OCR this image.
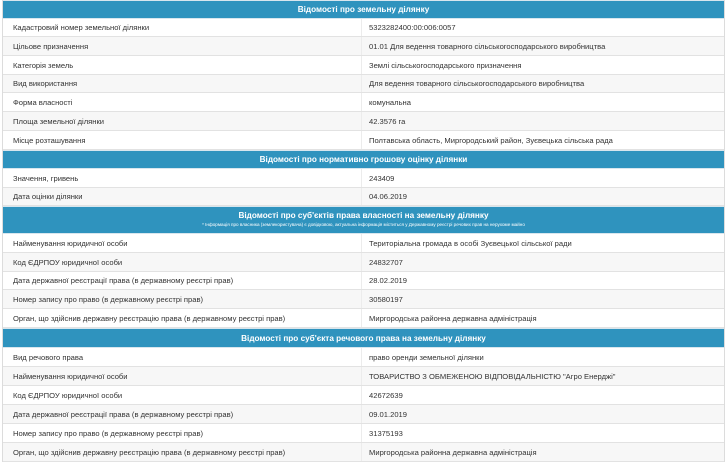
Відомості про земельну ділянку
Кадастровий номер земельної ділянки	5323282400:00:006:0057
Цільове призначення	01.01 Для ведення товарного сільськогосподарського виробництва
Категорія земель	Землі сільськогосподарського призначення
Вид використання	Для ведення товарного сільськогосподарського виробництва
Форма власності	комунальна
Площа земельної ділянки	42.3576 га
Місце розташування	Полтавська область, Миргородський район, Зуєвецька сільська рада
Відомості про нормативно грошову оцінку ділянки
Значення, гривень	243409
Дата оцінки ділянки	04.06.2019
Відомості про суб'єктів права власності на земельну ділянку
* Інформація про власника (землекористувача) є довідковою, актуальна інформація міститься у Державному реєстрі речових прав на нерухоме майно
Найменування юридичної особи	Територіальна громада в особі Зуєвецької сільської ради
Код ЄДРПОУ юридичної особи	24832707
Дата державної реєстрації права (в державному реєстрі прав)	28.02.2019
Номер запису про право (в державному реєстрі прав)	30580197
Орган, що здійснив державну реєстрацію права (в державному реєстрі прав)	Миргородська районна державна адміністрація
Відомості про суб'єкта речового права на земельну ділянку
Вид речового права	право оренди земельної ділянки
Найменування юридичної особи	ТОВАРИСТВО З ОБМЕЖЕНОЮ ВІДПОВІДАЛЬНІСТЮ "Агро Енерджі"
Код ЄДРПОУ юридичної особи	42672639
Дата державної реєстрації права (в державному реєстрі прав)	09.01.2019
Номер запису про право (в державному реєстрі прав)	31375193
Орган, що здійснив державну реєстрацію права (в державному реєстрі прав)	Миргородська районна державна адміністрація
